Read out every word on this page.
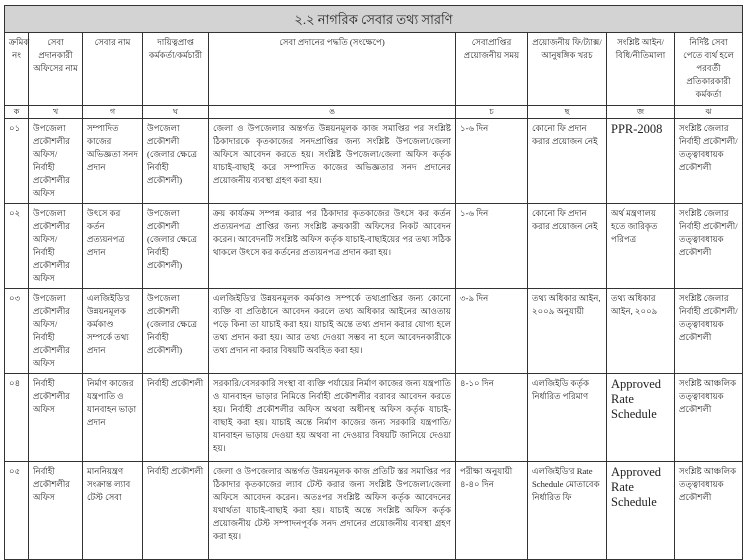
২.২ নাগরিক সেবার তথ্য সারণি								
ক্রমিক নং	সেবা প্রদানকারী অফিসের নাম	সেবার নাম	দায়িত্বপ্রাপ্ত কর্মকর্তা/কর্মচারী	সেবা প্রদানের পদ্ধতি (সংক্ষেপে)	সেবাপ্রাপ্তির প্রয়োজনীয় সময়	প্রয়োজনীয় ফি/ট্যাক্স/ আনুষঙ্গিক খরচ	সংশ্লিষ্ট আইন/ বিধি/নীতিমালা	নির্দিষ্ট সেবা পেতে ব্যর্থ হলে পরবর্তী প্রতিকারকারী কর্মকর্তা
ক	খ	গ	ঘ	ঙ	চ	ছ	জ	ঝ
০১	উপজেলা প্রকৌশলীর অফিস/নির্বাহী প্রকৌশলীর অফিস	সম্পাদিত কাজের অভিজ্ঞতা সনদ প্রদান	উপজেলা প্রকৌশলী (জেলার ক্ষেত্রে নির্বাহী প্রকৌশলী)	জেলা ও উপজেলার অন্তর্গত উন্নয়নমূলক কাজ সমাপ্তির পর সংশ্লিষ্ট ঠিকাদারকে কৃতকাজের সনদপ্রাপ্তির জন্য সংশ্লিষ্ট উপজেলা/জেলা অফিসে আবেদন করতে হয়। সংশ্লিষ্ট উপজেলা/জেলা অফিস কর্তৃক যাচাই-বাছাই করে সম্পাদিত কাজের অভিজ্ঞতার সনদ প্রদানের প্রয়োজনীয় ব্যবস্থা গ্রহণ করা হয়।	১-৬ দিন	কোনো ফি প্রদান করার প্রয়োজন নেই	PPR-2008	সংশ্লিষ্ট জেলার নির্বাহী প্রকৌশলী/ তত্ত্বাবধায়ক প্রকৌশলী
০২	উপজেলা প্রকৌশলীর অফিস/নির্বাহী প্রকৌশলীর অফিস	উৎসে কর কর্তন প্রত্যয়নপত্র প্রদান	উপজেলা প্রকৌশলী (জেলার ক্ষেত্রে নির্বাহী প্রকৌশলী)	ক্রয় কার্যক্রম সম্পন্ন করার পর ঠিকাদার কৃতকাজের উৎসে কর কর্তন প্রত্যয়নপত্র প্রাপ্তির জন্য সংশ্লিষ্ট ক্রয়কারী অফিসের নিকট আবেদন করেন। আবেদনটি সংশ্লিষ্ট অফিস কর্তৃক যাচাই-বাছাইয়ের পর তথ্য সঠিক থাকলে উৎসে কর কর্তনের প্রত্যয়নপত্র প্রদান করা হয়।	১-৬ দিন	কোনো ফি প্রদান করার প্রয়োজন নেই	অর্থ মন্ত্রণালয় হতে জারিকৃত পরিপত্র	সংশ্লিষ্ট জেলার নির্বাহী প্রকৌশলী/ তত্ত্বাবধায়ক প্রকৌশলী
০৩	উপজেলা প্রকৌশলীর অফিস/নির্বাহী প্রকৌশলীর অফিস	এলজিইডি'র উন্নয়নমূলক কর্মকাণ্ড সম্পর্কে তথ্য প্রদান	উপজেলা প্রকৌশলী (জেলার ক্ষেত্রে নির্বাহী প্রকৌশলী)	এলজিইডি'র উন্নয়নমূলক কর্মকাণ্ড সম্পর্কে তথ্যপ্রাপ্তির জন্য কোনো ব্যক্তি বা প্রতিষ্ঠানে আবেদন করলে তথ্য অধিকার আইনের আওতায় পড়ে কিনা তা যাচাই করা হয়। যাচাই অন্তে তথ্য প্রদান করার যোগ্য হলে তথ্য প্রদান করা হয়। আর তথ্য দেওয়া সম্ভব না হলে আবেদনকারীকে তথ্য প্রদান না করার বিষয়টি অবহিত করা হয়।	৩-৯ দিন	তথ্য অধিকার আইন, ২০০৯ অনুযায়ী	তথ্য অধিকার আইন, ২০০৯	সংশ্লিষ্ট জেলার নির্বাহী প্রকৌশলী/ তত্ত্বাবধায়ক প্রকৌশলী
০৪	নির্বাহী প্রকৌশলীর অফিস	নির্মাণ কাজের যন্ত্রপাতি ও যানবাহন ভাড়া প্রদান	নির্বাহী প্রকৌশলী	সরকারি/বেসরকারি সংস্থা বা ব্যক্তি পর্যায়ের নির্মাণ কাজের জন্য যন্ত্রপাতি ও যানবাহন ভাড়ার নিমিত্তে নির্বাহী প্রকৌশলীর বরাবর আবেদন করতে হয়। নির্বাহী প্রকৌশলীর অফিস অথবা অধীনস্থ অফিস কর্তৃক যাচাই-বাছাই করা হয়। যাচাই অন্তে নির্মাণ কাজের জন্য সরকারি যন্ত্রপাতি/যানবাহন ভাড়ায় দেওয়া হয় অথবা না দেওয়ার বিষয়টি জানিয়ে দেওয়া হয়।	৪-১০ দিন	এলজিইডি কর্তৃক নির্ধারিত পরিমাণ	Approved Rate Schedule	সংশ্লিষ্ট আঞ্চলিক তত্ত্বাবধায়ক প্রকৌশলী
০৫	নির্বাহী প্রকৌশলীর অফিস	মাননিয়ন্ত্রণ সংক্রান্ত ল্যাব টেস্ট সেবা	নির্বাহী প্রকৌশলী	জেলা ও উপজেলার অন্তর্গত উন্নয়নমূলক কাজ প্রতিটি স্তর সমাপ্তির পর ঠিকাদার কৃতকাজের ল্যাব টেস্ট করার জন্য সংশ্লিষ্ট উপজেলা/জেলা অফিসে আবেদন করেন। অতঃপর সংশ্লিষ্ট অফিস কর্তৃক আবেদনের যথার্থতা যাচাই-বাছাই করা হয়। যাচাই অন্তে সংশ্লিষ্ট অফিস কর্তৃক প্রয়োজনীয় টেস্ট সম্পাদনপূর্বক সনদ প্রদানের প্রয়োজনীয় ব্যবস্থা গ্রহণ করা হয়।	পরীক্ষা অনুযায়ী ৪-৪০ দিন	এলজিইডি'র Rate Schedule মোতাবেক নির্ধারিত ফি	Approved Rate Schedule	সংশ্লিষ্ট আঞ্চলিক তত্ত্বাবধায়ক প্রকৌশলী
